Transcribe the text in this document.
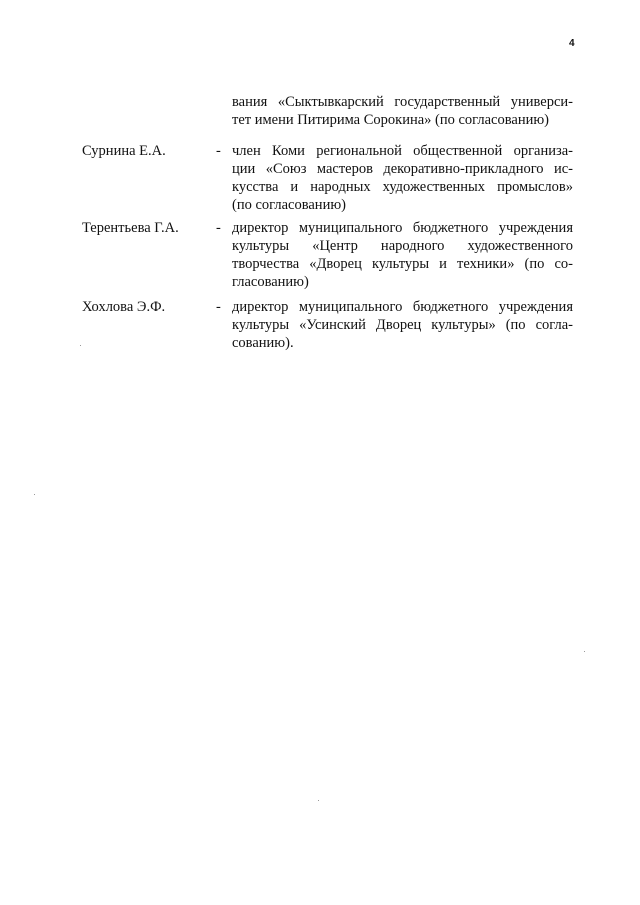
4
вания «Сыктывкарский государственный универси-
тет имени Питирима Сорокина» (по согласованию)
Сурнина Е.А.	- член Коми региональной общественной организа-
ции «Союз мастеров декоративно-прикладного ис-
кусства и народных художественных промыслов»
(по согласованию)
Терентьева Г.А.	- директор муниципального бюджетного учреждения
культуры «Центр народного художественного
творчества «Дворец культуры и техники» (по со-
гласованию)
Хохлова Э.Ф.	- директор муниципального бюджетного учреждения
культуры «Усинский Дворец культуры» (по согла-
сованию).
